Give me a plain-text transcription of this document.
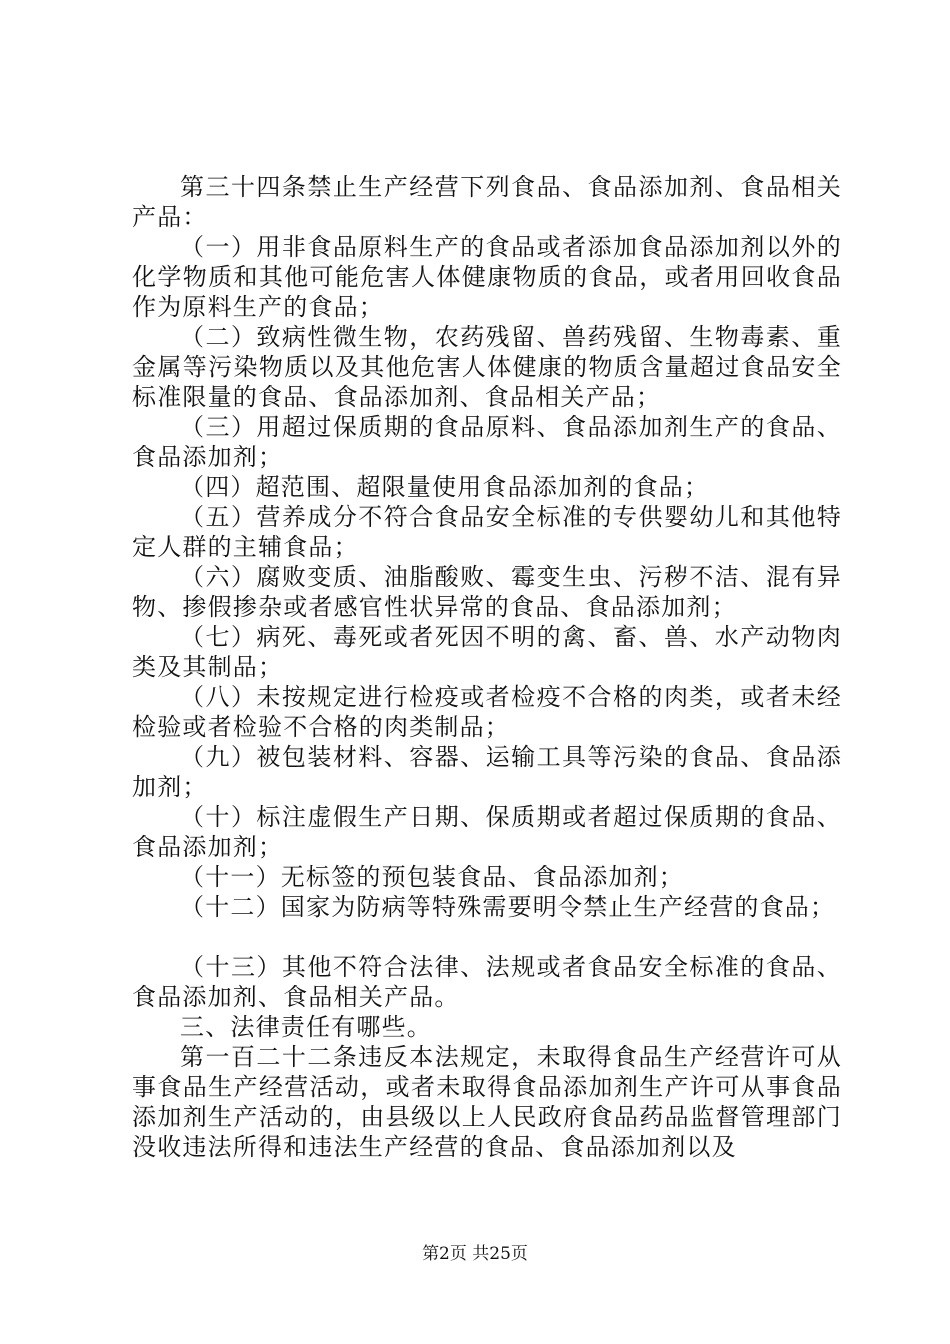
第三十四条禁止生产经营下列食品、食品添加剂、食品相关产品：

（一）用非食品原料生产的食品或者添加食品添加剂以外的化学物质和其他可能危害人体健康物质的食品，或者用回收食品作为原料生产的食品；

（二）致病性微生物，农药残留、兽药残留、生物毒素、重金属等污染物质以及其他危害人体健康的物质含量超过食品安全标准限量的食品、食品添加剂、食品相关产品；

（三）用超过保质期的食品原料、食品添加剂生产的食品、食品添加剂；

（四）超范围、超限量使用食品添加剂的食品；

（五）营养成分不符合食品安全标准的专供婴幼儿和其他特定人群的主辅食品；

（六）腐败变质、油脂酸败、霉变生虫、污秽不洁、混有异物、掺假掺杂或者感官性状异常的食品、食品添加剂；

（七）病死、毒死或者死因不明的禽、畜、兽、水产动物肉类及其制品；

（八）未按规定进行检疫或者检疫不合格的肉类，或者未经检验或者检验不合格的肉类制品；

（九）被包装材料、容器、运输工具等污染的食品、食品添加剂；

（十）标注虚假生产日期、保质期或者超过保质期的食品、食品添加剂；

（十一）无标签的预包装食品、食品添加剂；

（十二）国家为防病等特殊需要明令禁止生产经营的食品；

（十三）其他不符合法律、法规或者食品安全标准的食品、食品添加剂、食品相关产品。

三、法律责任有哪些。

第一百二十二条违反本法规定，未取得食品生产经营许可从事食品生产经营活动，或者未取得食品添加剂生产许可从事食品添加剂生产活动的，由县级以上人民政府食品药品监督管理部门没收违法所得和违法生产经营的食品、食品添加剂以及

第2页 共25页
